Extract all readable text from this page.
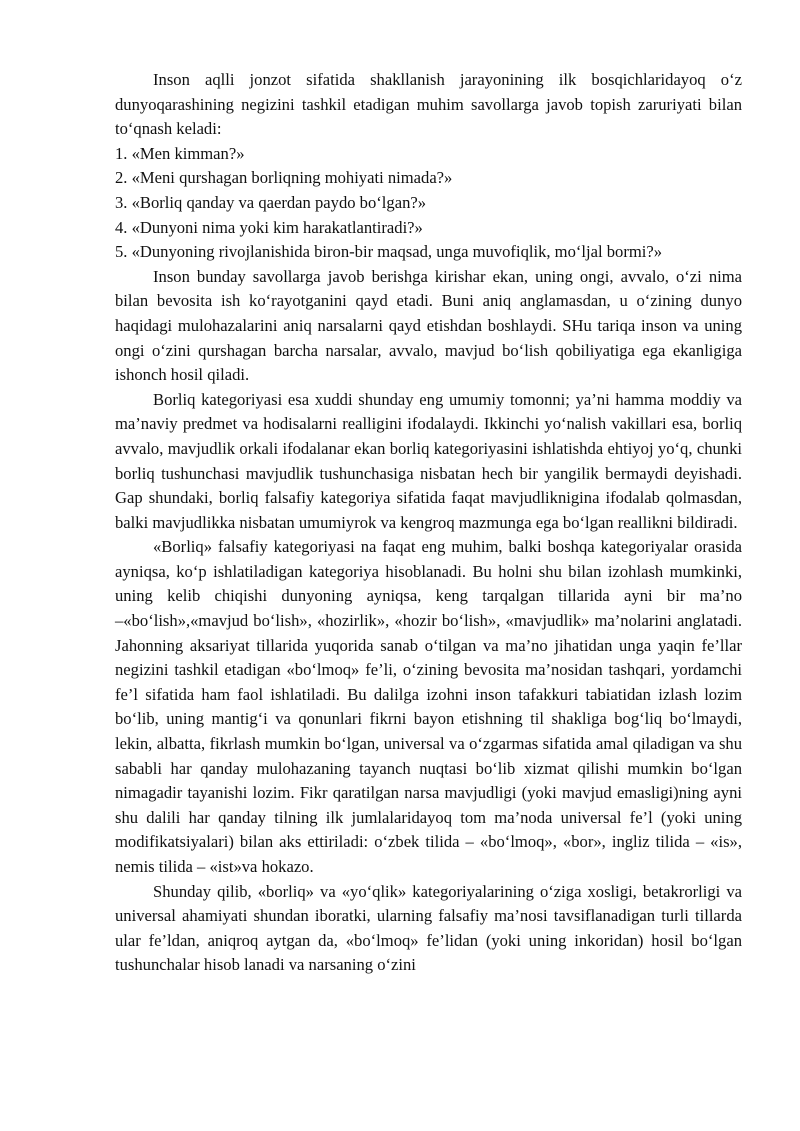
Inson aqlli jonzot sifatida shakllanish jarayonining ilk bosqichlaridayoq o‘z dunyoqarashining negizini tashkil etadigan muhim savollarga javob topish zaruriyati bilan to‘qnash keladi:

1. «Men kimman?»

2. «Meni qurshagan borliqning mohiyati nimada?»

3. «Borliq qanday va qaerdan paydo bo‘lgan?»

4. «Dunyoni nima yoki kim harakatlantiradi?»

5. «Dunyoning rivojlanishida biron-bir maqsad, unga muvofiqlik, mo‘ljal bormi?»

Inson bunday savollarga javob berishga kirishar ekan, uning ongi, avvalo, o‘zi nima bilan bevosita ish ko‘rayotganini qayd etadi. Buni aniq anglamasdan, u o‘zining dunyo haqidagi mulohazalarini aniq narsalarni qayd etishdan boshlaydi. SHu tariqa inson va uning ongi o‘zini qurshagan barcha narsalar, avvalo, mavjud bo‘lish qobiliyatiga ega ekanligiga ishonch hosil qiladi.

Borliq kategoriyasi esa xuddi shunday eng umumiy tomonni; ya’ni hamma moddiy va ma’naviy predmet va hodisalarni realligini ifodalaydi. Ikkinchi yo‘nalish vakillari esa, borliq avvalo, mavjudlik orkali ifodalanar ekan borliq kategoriyasini ishlatishda ehtiyoj yo‘q, chunki borliq tushunchasi mavjudlik tushunchasiga nisbatan hech bir yangilik bermaydi deyishadi. Gap shundaki, borliq falsafiy kategoriya sifatida faqat mavjudliknigina ifodalab qolmasdan, balki mavjudlikka nisbatan umumiyrok va kengroq mazmunga ega bo‘lgan reallikni bildiradi.

«Borliq» falsafiy kategoriyasi na faqat eng muhim, balki boshqa kategoriyalar orasida ayniqsa, ko‘p ishlatiladigan kategoriya hisoblanadi. Bu holni shu bilan izohlash mumkinki, uning kelib chiqishi dunyoning ayniqsa, keng tarqalgan tillarida ayni bir ma’no –«bo‘lish»,«mavjud bo‘lish», «hozirlik», «hozir bo‘lish», «mavjudlik» ma’nolarini anglatadi. Jahonning aksariyat tillarida yuqorida sanab o‘tilgan va ma’no jihatidan unga yaqin fe’llar negizini tashkil etadigan «bo‘lmoq» fe’li, o‘zining bevosita ma’nosidan tashqari, yordamchi fe’l sifatida ham faol ishlatiladi. Bu dalilga izohni inson tafakkuri tabiatidan izlash lozim bo‘lib, uning mantig‘i va qonunlari fikrni bayon etishning til shakliga bog‘liq bo‘lmaydi, lekin, albatta, fikrlash mumkin bo‘lgan, universal va o‘zgarmas sifatida amal qiladigan va shu sababli har qanday mulohazaning tayanch nuqtasi bo‘lib xizmat qilishi mumkin bo‘lgan nimagadir tayanishi lozim. Fikr qaratilgan narsa mavjudligi (yoki mavjud emasligi)ning ayni shu dalili har qanday tilning ilk jumlalaridayoq tom ma’noda universal fe’l (yoki uning modifikatsiyalari) bilan aks ettiriladi: o‘zbek tilida – «bo‘lmoq», «bor», ingliz tilida – «is», nemis tilida – «ist»va hokazo.

Shunday qilib, «borliq» va «yo‘qlik» kategoriyalarining o‘ziga xosligi, betakrorligi va universal ahamiyati shundan iboratki, ularning falsafiy ma’nosi tavsiflanadigan turli tillarda ular fe’ldan, aniqroq aytgan da, «bo‘lmoq» fe’lidan (yoki uning inkoridan) hosil bo‘lgan tushunchalar hisob lanadi va narsaning o‘zini
